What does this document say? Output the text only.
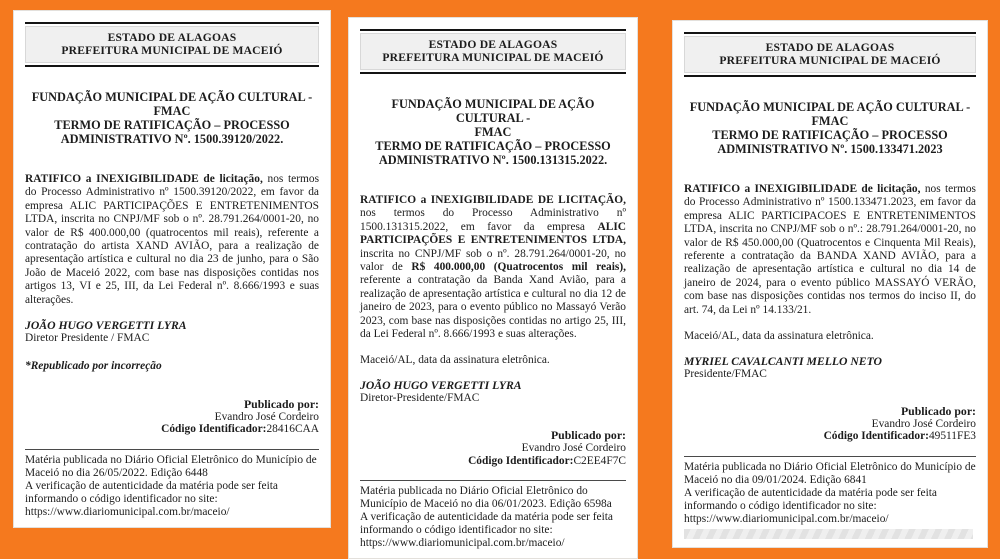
ESTADO DE ALAGOAS
PREFEITURA MUNICIPAL DE MACEIÓ
FUNDAÇÃO MUNICIPAL DE AÇÃO CULTURAL -
FMAC
TERMO DE RATIFICAÇÃO – PROCESSO
ADMINISTRATIVO Nº. 1500.39120/2022.

RATIFICO a INEXIGIBILIDADE de licitação, nos termos do Processo Administrativo nº 1500.39120/2022, em favor da empresa ALIC PARTICIPAÇÕES E ENTRETENIMENTOS LTDA, inscrita no CNPJ/MF sob o nº. 28.791.264/0001-20, no valor de R$ 400.000,00 (quatrocentos mil reais), referente a contratação do artista XAND AVIÃO, para a realização de apresentação artística e cultural no dia 23 de junho, para o São João de Maceió 2022, com base nas disposições contidas nos artigos 13, VI e 25, III, da Lei Federal nº. 8.666/1993 e suas alterações.

JOÃO HUGO VERGETTI LYRA
Diretor Presidente / FMAC
*Republicado por incorreção
Publicado por:
Evandro José Cordeiro
Código Identificador:28416CAA
Matéria publicada no Diário Oficial Eletrônico do Município de Maceió no dia 26/05/2022. Edição 6448
A verificação de autenticidade da matéria pode ser feita informando o código identificador no site:
https://www.diariomunicipal.com.br/maceio/
ESTADO DE ALAGOAS
PREFEITURA MUNICIPAL DE MACEIÓ
FUNDAÇÃO MUNICIPAL DE AÇÃO CULTURAL -
FMAC
TERMO DE RATIFICAÇÃO – PROCESSO
ADMINISTRATIVO Nº. 1500.131315.2022.

RATIFICO a INEXIGIBILIDADE DE LICITAÇÃO, nos termos do Processo Administrativo nº 1500.131315.2022, em favor da empresa ALIC PARTICIPAÇÕES E ENTRETENIMENTOS LTDA, inscrita no CNPJ/MF sob o nº. 28.791.264/0001-20, no valor de R$ 400.000,00 (Quatrocentos mil reais), referente a contratação da Banda Xand Avião, para a realização de apresentação artística e cultural no dia 12 de janeiro de 2023, para o evento público no Massayó Verão 2023, com base nas disposições contidas no artigo 25, III, da Lei Federal nº. 8.666/1993 e suas alterações.

Maceió/AL, data da assinatura eletrônica.
JOÃO HUGO VERGETTI LYRA
Diretor-Presidente/FMAC
Publicado por:
Evandro José Cordeiro
Código Identificador:C2EE4F7C
Matéria publicada no Diário Oficial Eletrônico do Município de Maceió no dia 06/01/2023. Edição 6598a
A verificação de autenticidade da matéria pode ser feita informando o código identificador no site:
https://www.diariomunicipal.com.br/maceio/
ESTADO DE ALAGOAS
PREFEITURA MUNICIPAL DE MACEIÓ
FUNDAÇÃO MUNICIPAL DE AÇÃO CULTURAL -
FMAC
TERMO DE RATIFICAÇÃO – PROCESSO
ADMINISTRATIVO Nº. 1500.133471.2023

RATIFICO a INEXIGIBILIDADE de licitação, nos termos do Processo Administrativo nº 1500.133471.2023, em favor da empresa ALIC PARTICIPACOES E ENTRETENIMENTOS LTDA, inscrita no CNPJ/MF sob o nº.: 28.791.264/0001-20, no valor de R$ 450.000,00 (Quatrocentos e Cinquenta Mil Reais), referente a contratação da BANDA XAND AVIÃO, para a realização de apresentação artística e cultural no dia 14 de janeiro de 2024, para o evento público MASSAYÓ VERÃO, com base nas disposições contidas nos termos do inciso II, do art. 74, da Lei nº 14.133/21.

Maceió/AL, data da assinatura eletrônica.
MYRIEL CAVALCANTI MELLO NETO
Presidente/FMAC
Publicado por:
Evandro José Cordeiro
Código Identificador:49511FE3
Matéria publicada no Diário Oficial Eletrônico do Município de Maceió no dia 09/01/2024. Edição 6841
A verificação de autenticidade da matéria pode ser feita informando o código identificador no site:
https://www.diariomunicipal.com.br/maceio/
